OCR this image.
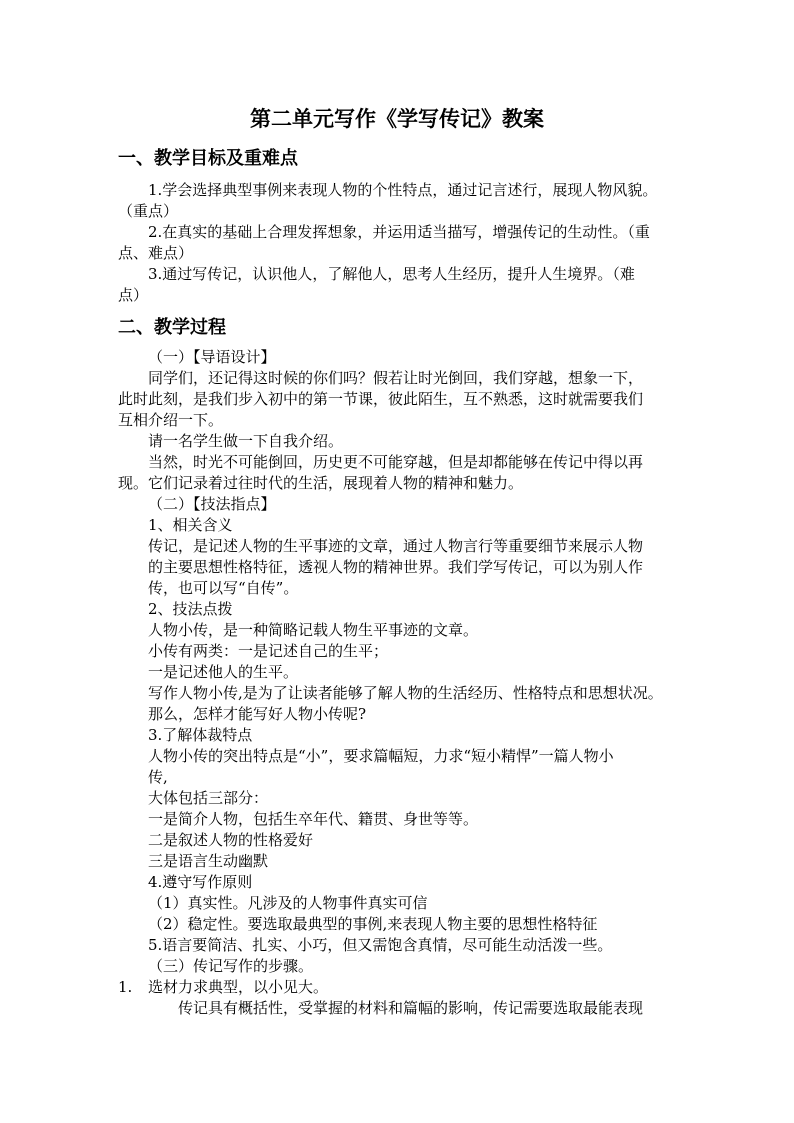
第二单元写作《学写传记》教案
一、教学目标及重难点
1.学会选择典型事例来表现人物的个性特点，通过记言述行，展现人物风貌。
（重点）
2.在真实的基础上合理发挥想象，并运用适当描写，增强传记的生动性。（重
点、难点）
3.通过写传记，认识他人，了解他人，思考人生经历，提升人生境界。（难
点）
二、教学过程
（一）【导语设计】
同学们，还记得这时候的你们吗？假若让时光倒回，我们穿越，想象一下，
此时此刻，是我们步入初中的第一节课，彼此陌生，互不熟悉，这时就需要我们
互相介绍一下。
请一名学生做一下自我介绍。
当然，时光不可能倒回，历史更不可能穿越，但是却都能够在传记中得以再
现。它们记录着过往时代的生活，展现着人物的精神和魅力。
（二）【技法指点】
1、相关含义
传记，是记述人物的生平事迹的文章，通过人物言行等重要细节来展示人物
的主要思想性格特征，透视人物的精神世界。我们学写传记，可以为别人作
传，也可以写“自传”。
2、技法点拨
人物小传，是一种简略记载人物生平事迹的文章。
小传有两类：一是记述自己的生平；
一是记述他人的生平。
写作人物小传,是为了让读者能够了解人物的生活经历、性格特点和思想状况。
那么，怎样才能写好人物小传呢?
3.了解体裁特点
人物小传的突出特点是“小”，要求篇幅短，力求“短小精悍”一篇人物小
传,
大体包括三部分：
一是简介人物，包括生卒年代、籍贯、身世等等。
二是叙述人物的性格爱好
三是语言生动幽默
4.遵守写作原则
（1）真实性。凡涉及的人物事件真实可信
（2）稳定性。要选取最典型的事例,来表现人物主要的思想性格特征
5.语言要简洁、扎实、小巧，但又需饱含真情，尽可能生动活泼一些。
（三）传记写作的步骤。
1. 选材力求典型，以小见大。
传记具有概括性，受掌握的材料和篇幅的影响，传记需要选取最能表现
